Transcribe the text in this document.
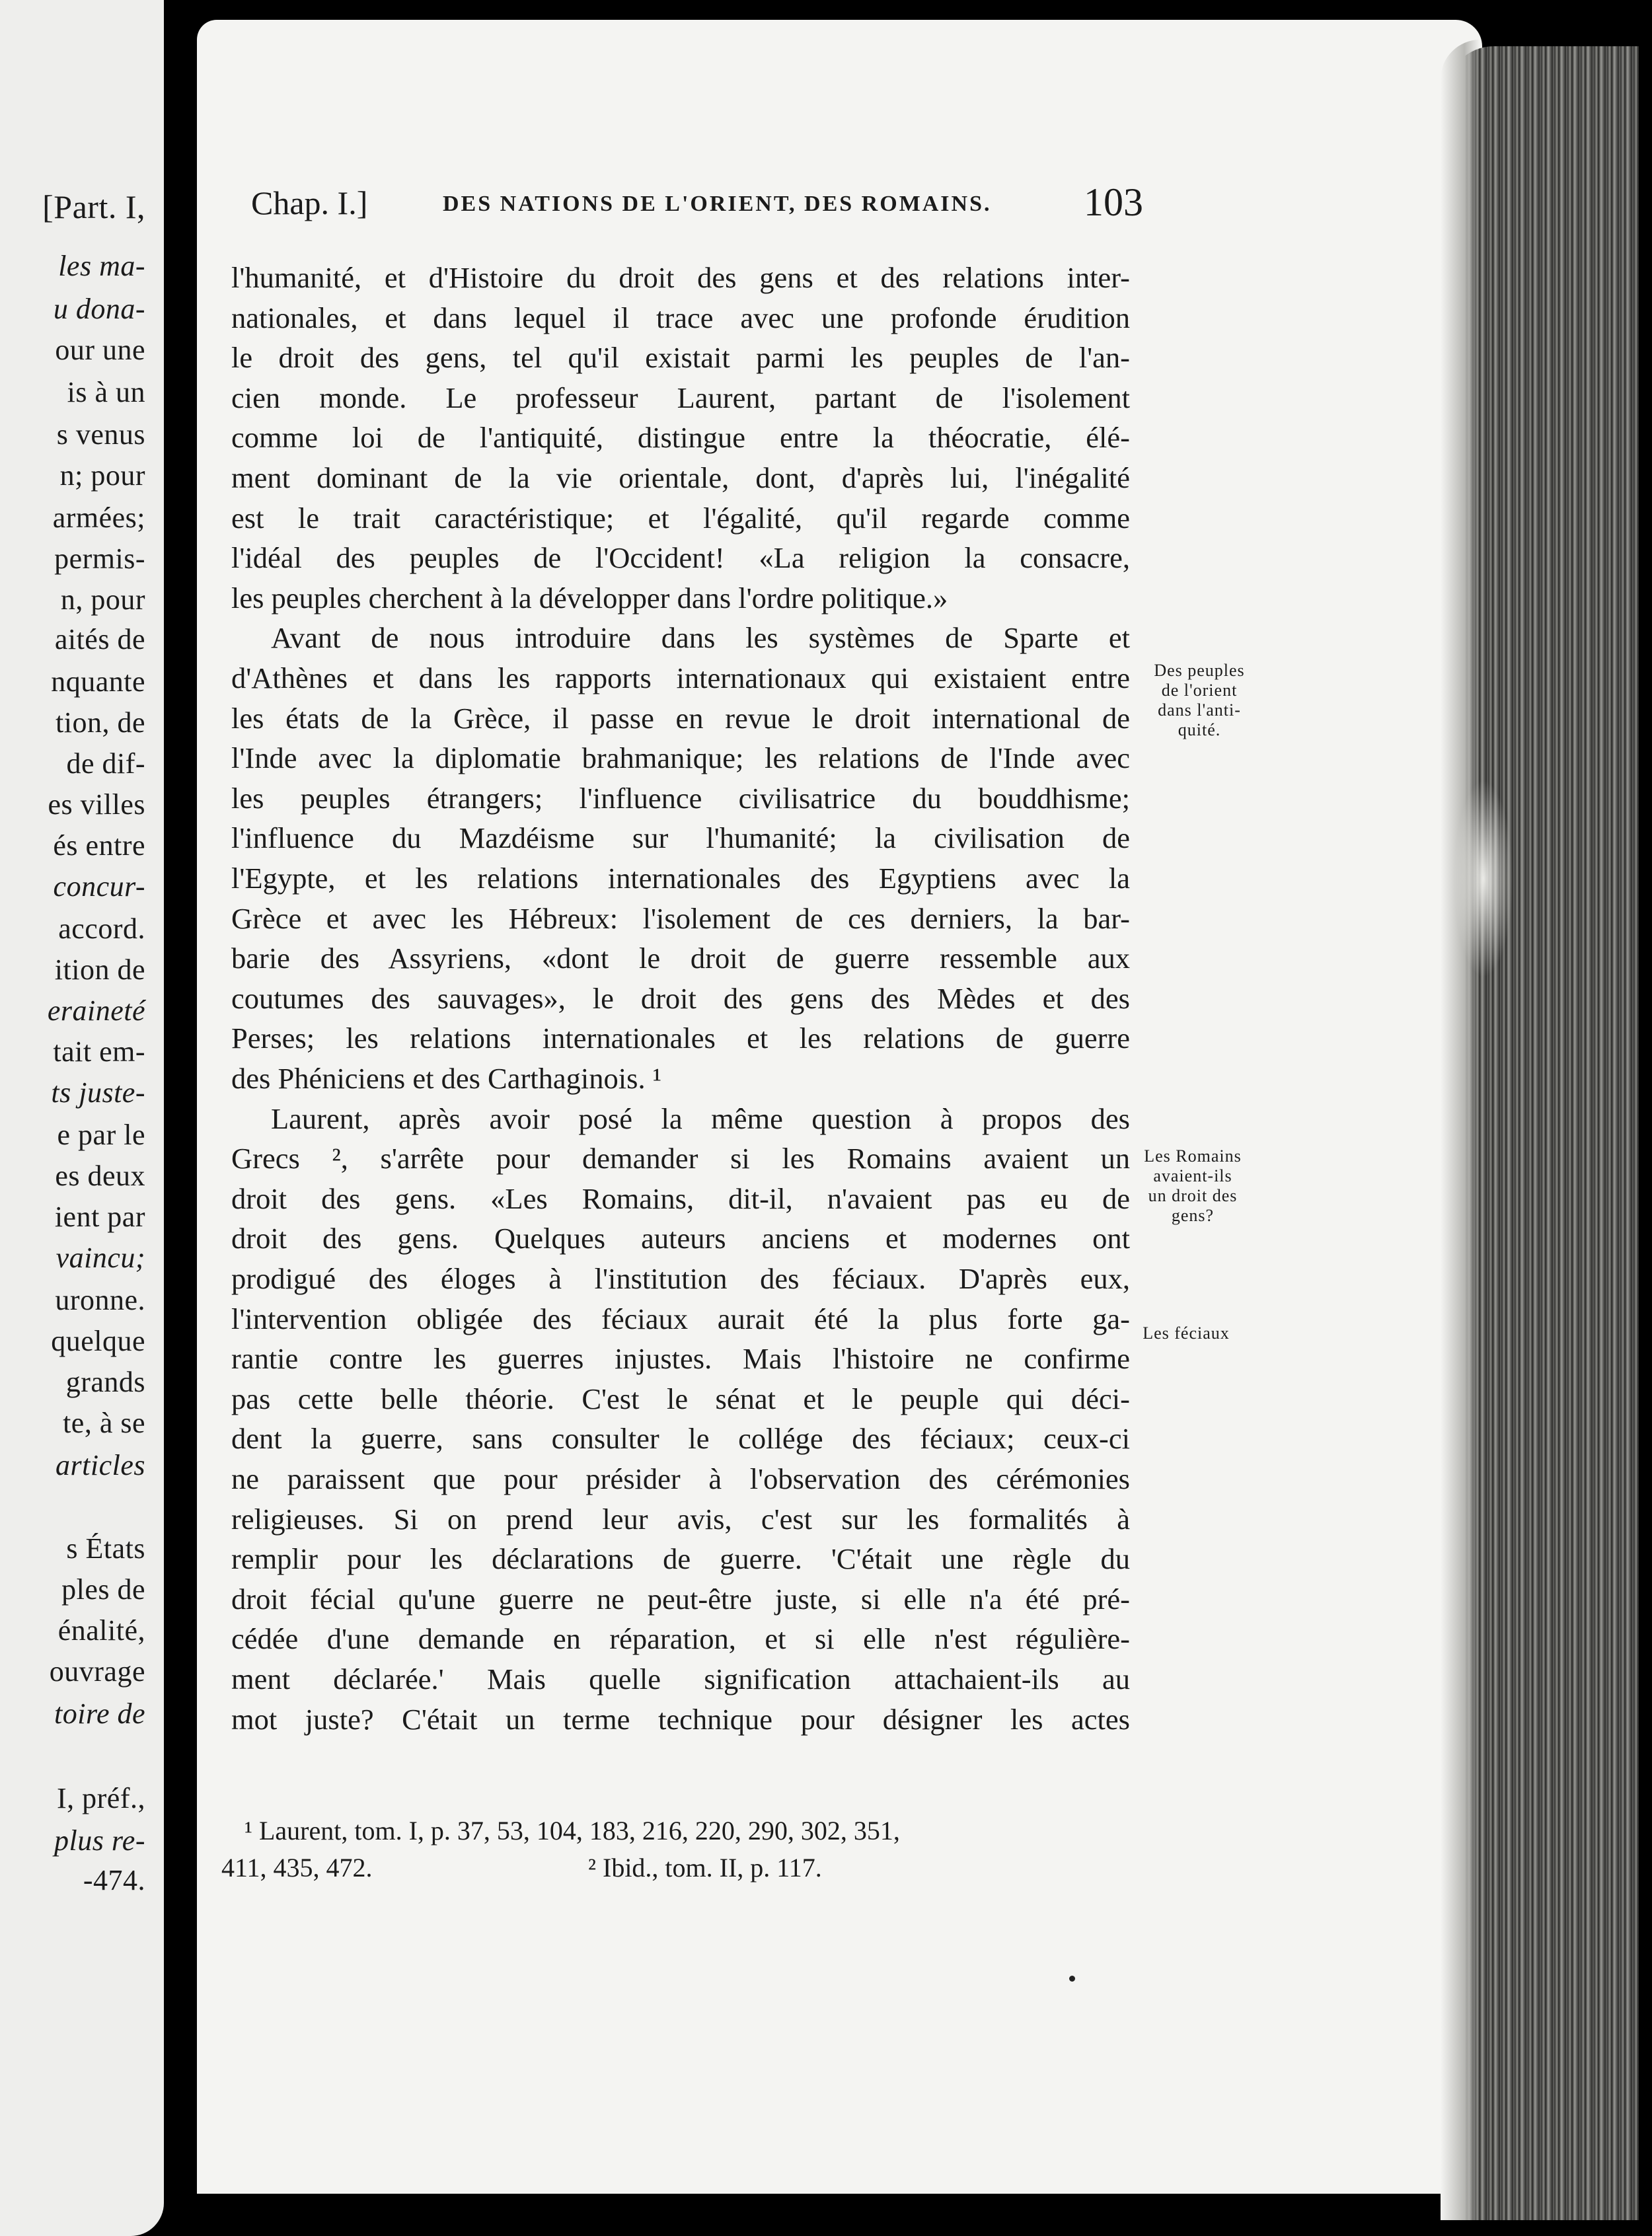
[Part. I,
les ma-
u dona-
our une
is à un
s venus
n; pour
armées;
permis-
n, pour
aités de
nquante
tion, de
de dif-
es villes
és entre
concur-
accord.
ition de
eraineté
tait em-
ts juste-
e par le
es deux
ient par
vaincu;
uronne.
quelque
grands
te, à se
articles
s États
ples de
énalité,
ouvrage
toire de
I, préf.,
plus re-
-474.
Chap. I.]	DES NATIONS DE L'ORIENT, DES ROMAINS. 103
l'humanité, et d'Histoire du droit des gens et des relations inter-
nationales, et dans lequel il trace avec une profonde érudition
le droit des gens, tel qu'il existait parmi les peuples de l'an-
cien monde. Le professeur Laurent, partant de l'isolement
comme loi de l'antiquité, distingue entre la théocratie, élé-
ment dominant de la vie orientale, dont, d'après lui, l'inégalité
est le trait caractéristique; et l'égalité, qu'il regarde comme
l'idéal des peuples de l'Occident! «La religion la consacre,
les peuples cherchent à la développer dans l'ordre politique.»
Avant de nous introduire dans les systèmes de Sparte et
d'Athènes et dans les rapports internationaux qui existaient entre
les états de la Grèce, il passe en revue le droit international de
l'Inde avec la diplomatie brahmanique; les relations de l'Inde avec
les peuples étrangers; l'influence civilisatrice du bouddhisme;
l'influence du Mazdéisme sur l'humanité; la civilisation de
l'Egypte, et les relations internationales des Egyptiens avec la
Grèce et avec les Hébreux: l'isolement de ces derniers, la bar-
barie des Assyriens, «dont le droit de guerre ressemble aux
coutumes des sauvages», le droit des gens des Mèdes et des
Perses; les relations internationales et les relations de guerre
des Phéniciens et des Carthaginois. ¹
Laurent, après avoir posé la même question à propos des
Grecs ², s'arrête pour demander si les Romains avaient un
droit des gens. «Les Romains, dit-il, n'avaient pas eu de
droit des gens. Quelques auteurs anciens et modernes ont
prodigué des éloges à l'institution des féciaux. D'après eux,
l'intervention obligée des féciaux aurait été la plus forte ga-
rantie contre les guerres injustes. Mais l'histoire ne confirme
pas cette belle théorie. C'est le sénat et le peuple qui déci-
dent la guerre, sans consulter le collége des féciaux; ceux-ci
ne paraissent que pour présider à l'observation des cérémonies
religieuses. Si on prend leur avis, c'est sur les formalités à
remplir pour les déclarations de guerre. 'C'était une règle du
droit fécial qu'une guerre ne peut-être juste, si elle n'a été pré-
cédée d'une demande en réparation, et si elle n'est régulière-
ment déclarée.' Mais quelle signification attachaient-ils au
mot juste? C'était un terme technique pour désigner les actes
Des peuples
de l'orient
dans l'anti-
quité.
Les Romains
avaient-ils
un droit des
gens?
Les féciaux
¹ Laurent, tom. I, p. 37, 53, 104, 183, 216, 220, 290, 302, 351,
411, 435, 472.	² Ibid., tom. II, p. 117.
